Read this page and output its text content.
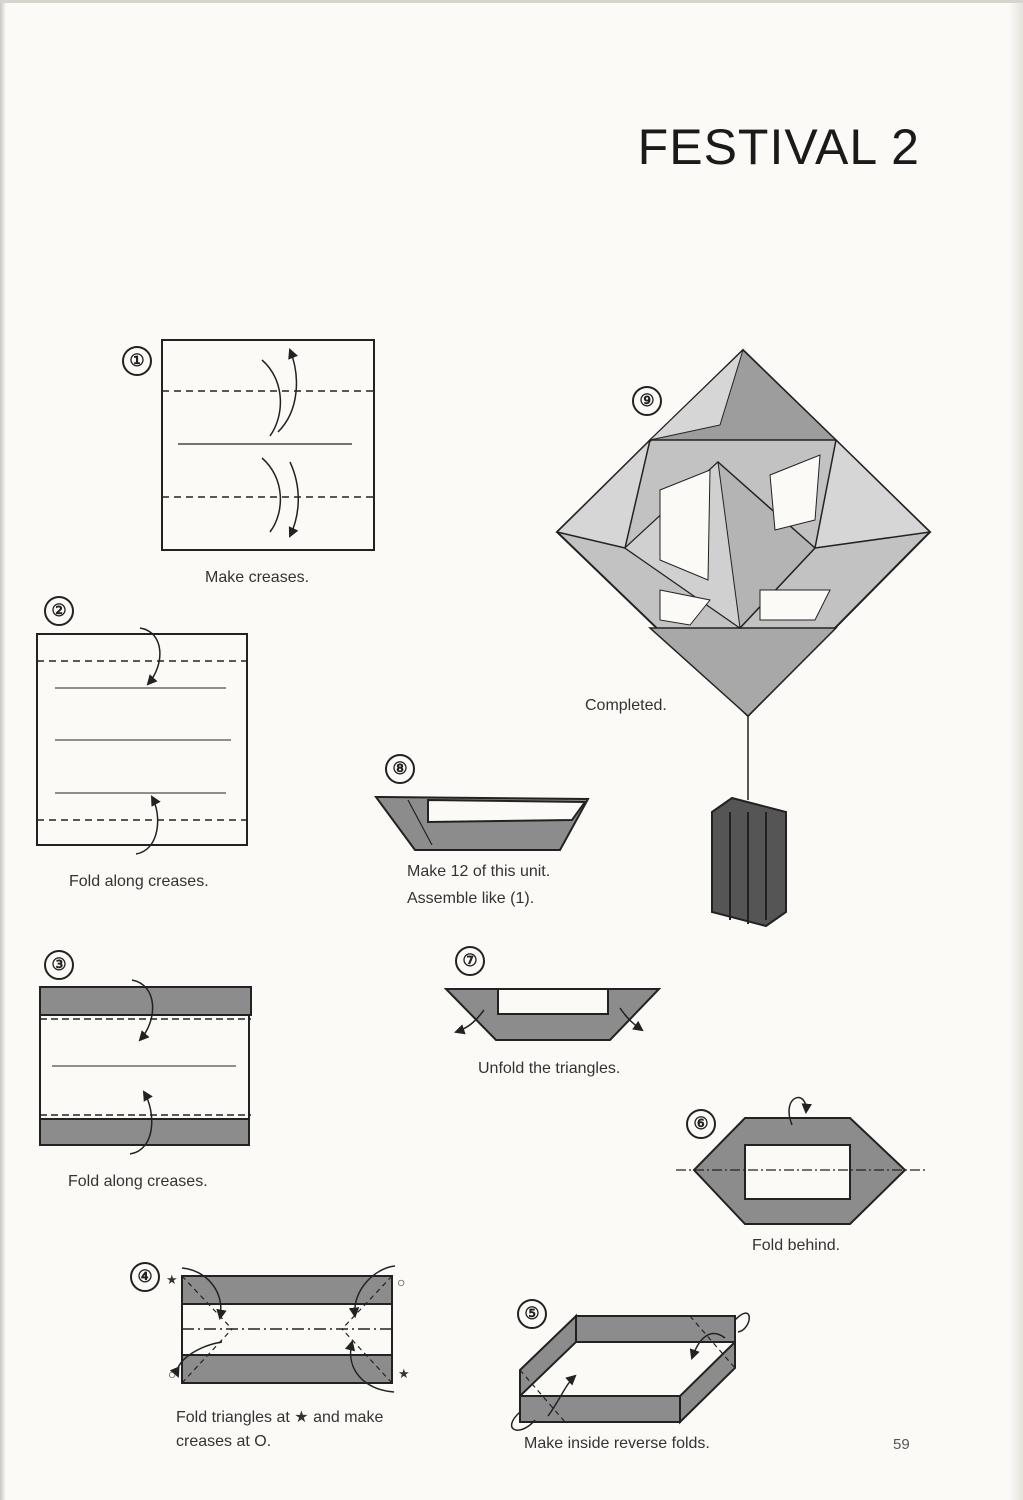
FESTIVAL 2
①
②
③
④
⑤
⑥
⑦
⑧
⑨
★	○
○	★
Make creases.
Fold along creases.
Fold along creases.
Fold triangles at ★ and make
creases at O.	Make inside reverse folds.
Fold behind.
Unfold the triangles.
Make 12 of this unit.
Assemble like (1).
Completed.
59
